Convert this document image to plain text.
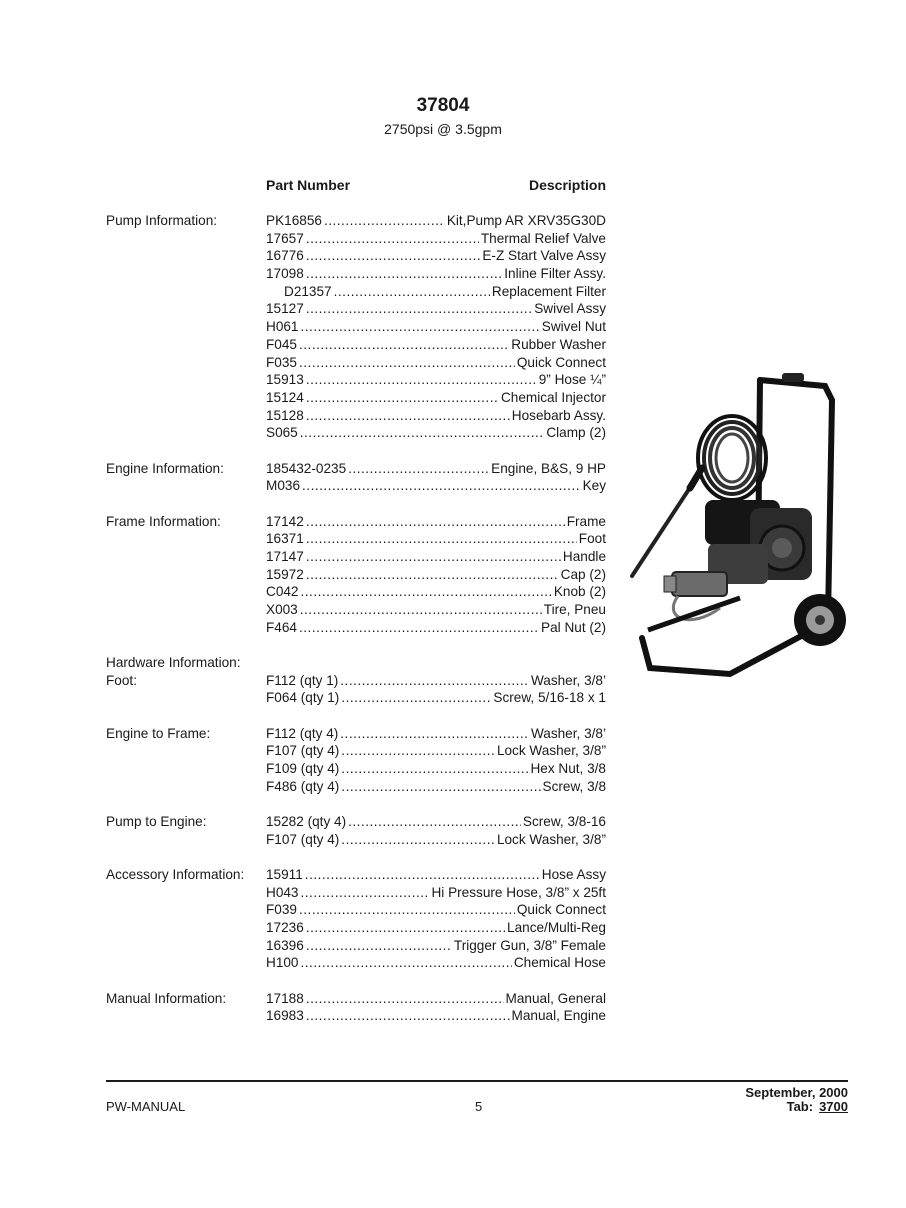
37804
2750psi @ 3.5gpm
Part Number	Description
Pump Information:	PK16856 .....	Kit,Pump AR XRV35G30D
17657 .....	Thermal Relief Valve
16776 .....	E-Z Start Valve Assy
17098 .....	Inline Filter Assy.
D21357 .....	Replacement Filter
15127 .....	Swivel Assy
H061 .....	Swivel Nut
F045 .....	Rubber Washer
F035 .....	Quick Connect
15913 .....	9” Hose ¼”
15124 .....	Chemical Injector
15128 .....	Hosebarb Assy.
S065 .....	Clamp (2)
Engine Information:	185432-0235 .....	Engine, B&S, 9 HP
M036 .....	Key
Frame Information:	17142 .....	Frame
16371 .....	Foot
17147 .....	Handle
15972 .....	Cap (2)
C042 .....	Knob (2)
X003 .....	Tire, Pneu
F464 .....	Pal Nut (2)
Hardware Information:
Foot:	F112 (qty 1) .....	Washer, 3/8’
F064 (qty 1) .....	Screw, 5/16-18 x 1
Engine to Frame:	F112 (qty 4) .....	Washer, 3/8’
F107 (qty 4) .....	Lock Washer, 3/8”
F109 (qty 4) .....	Hex Nut, 3/8
F486 (qty 4) .....	Screw, 3/8
Pump to Engine:	15282 (qty 4) .....	Screw, 3/8-16
F107 (qty 4) .....	Lock Washer, 3/8”
Accessory Information: 15911 .....	Hose Assy
H043 .....	Hi Pressure Hose, 3/8” x 25ft
F039 .....	Quick Connect
17236 .....	Lance/Multi-Reg
16396 .....	Trigger Gun, 3/8” Female
H100 .....	Chemical Hose
Manual Information:	17188 .....	Manual, General
16983 .....	Manual, Engine
PW-MANUAL	5
September, 2000
Tab: 3700
